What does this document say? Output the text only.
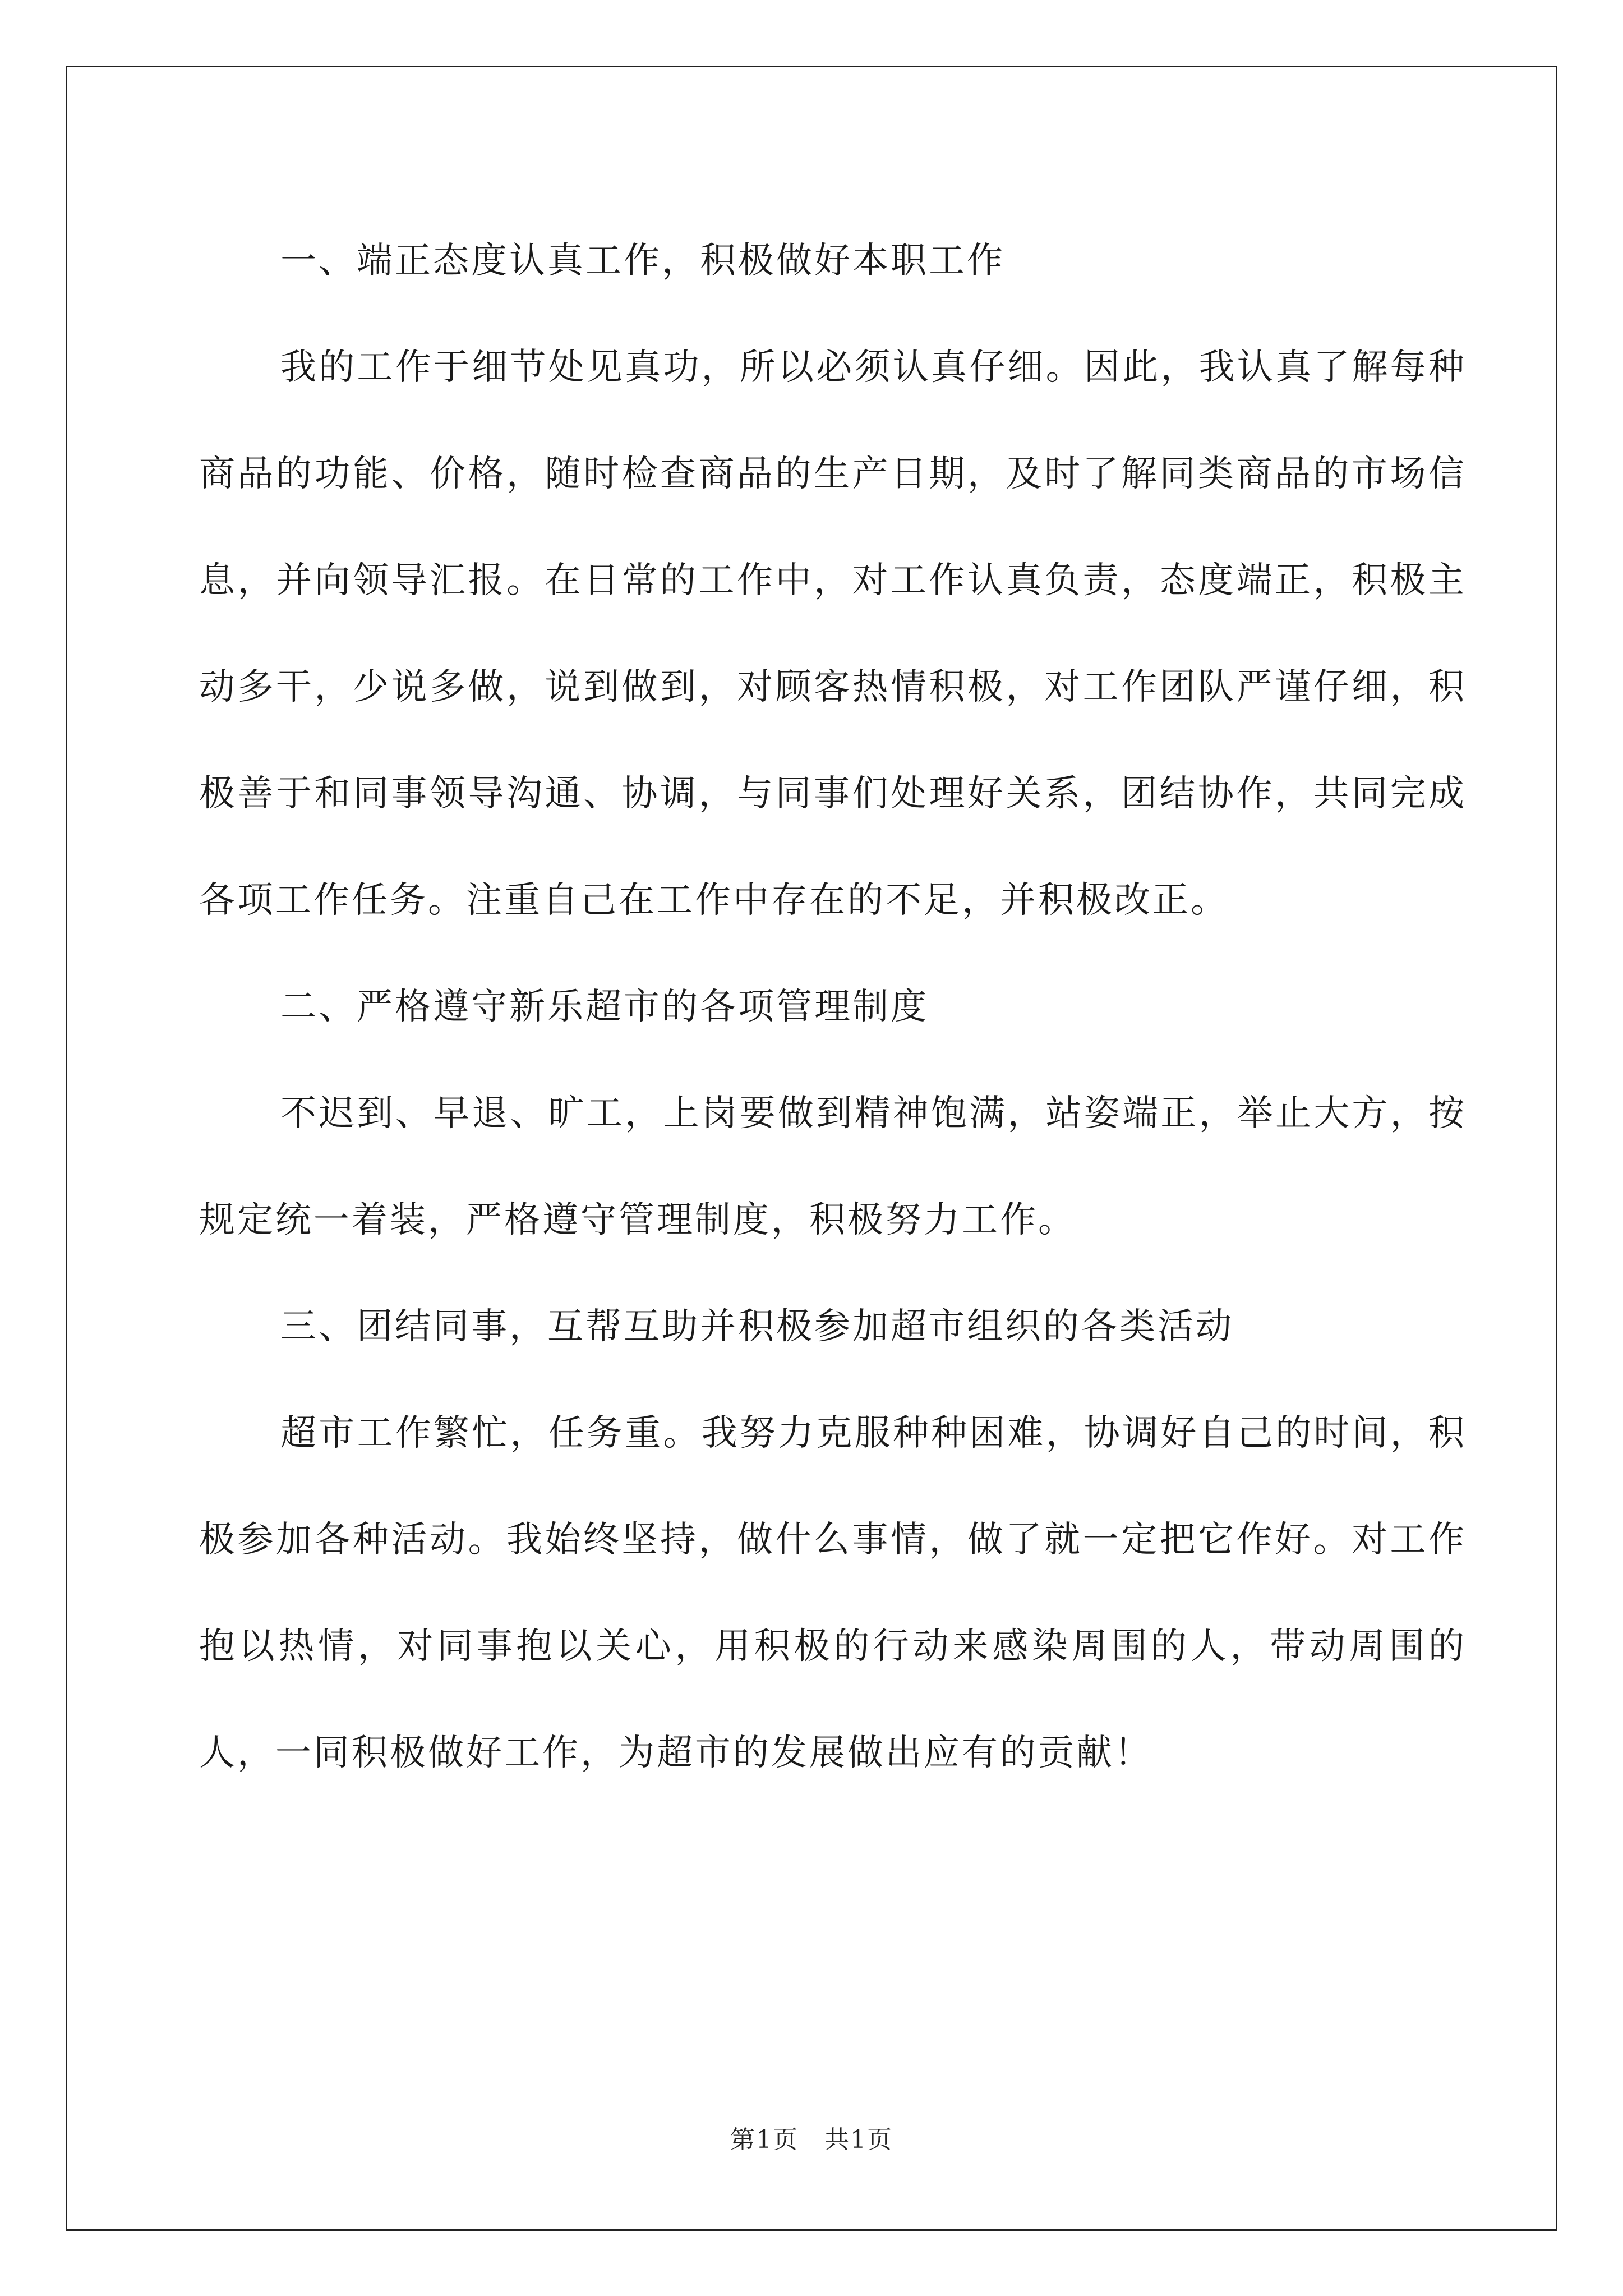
一、端正态度认真工作，积极做好本职工作

我的工作于细节处见真功，所以必须认真仔细。因此，我认真了解每种商品的功能、价格，随时检查商品的生产日期，及时了解同类商品的市场信息，并向领导汇报。在日常的工作中，对工作认真负责，态度端正，积极主动多干，少说多做，说到做到，对顾客热情积极，对工作团队严谨仔细，积极善于和同事领导沟通、协调，与同事们处理好关系，团结协作，共同完成各项工作任务。注重自己在工作中存在的不足，并积极改正。

二、严格遵守新乐超市的各项管理制度

不迟到、早退、旷工，上岗要做到精神饱满，站姿端正，举止大方，按规定统一着装，严格遵守管理制度，积极努力工作。

三、团结同事，互帮互助并积极参加超市组织的各类活动

超市工作繁忙，任务重。我努力克服种种困难，协调好自己的时间，积极参加各种活动。我始终坚持，做什么事情，做了就一定把它作好。对工作抱以热情，对同事抱以关心，用积极的行动来感染周围的人，带动周围的人，一同积极做好工作，为超市的发展做出应有的贡献！

第1页　共1页
